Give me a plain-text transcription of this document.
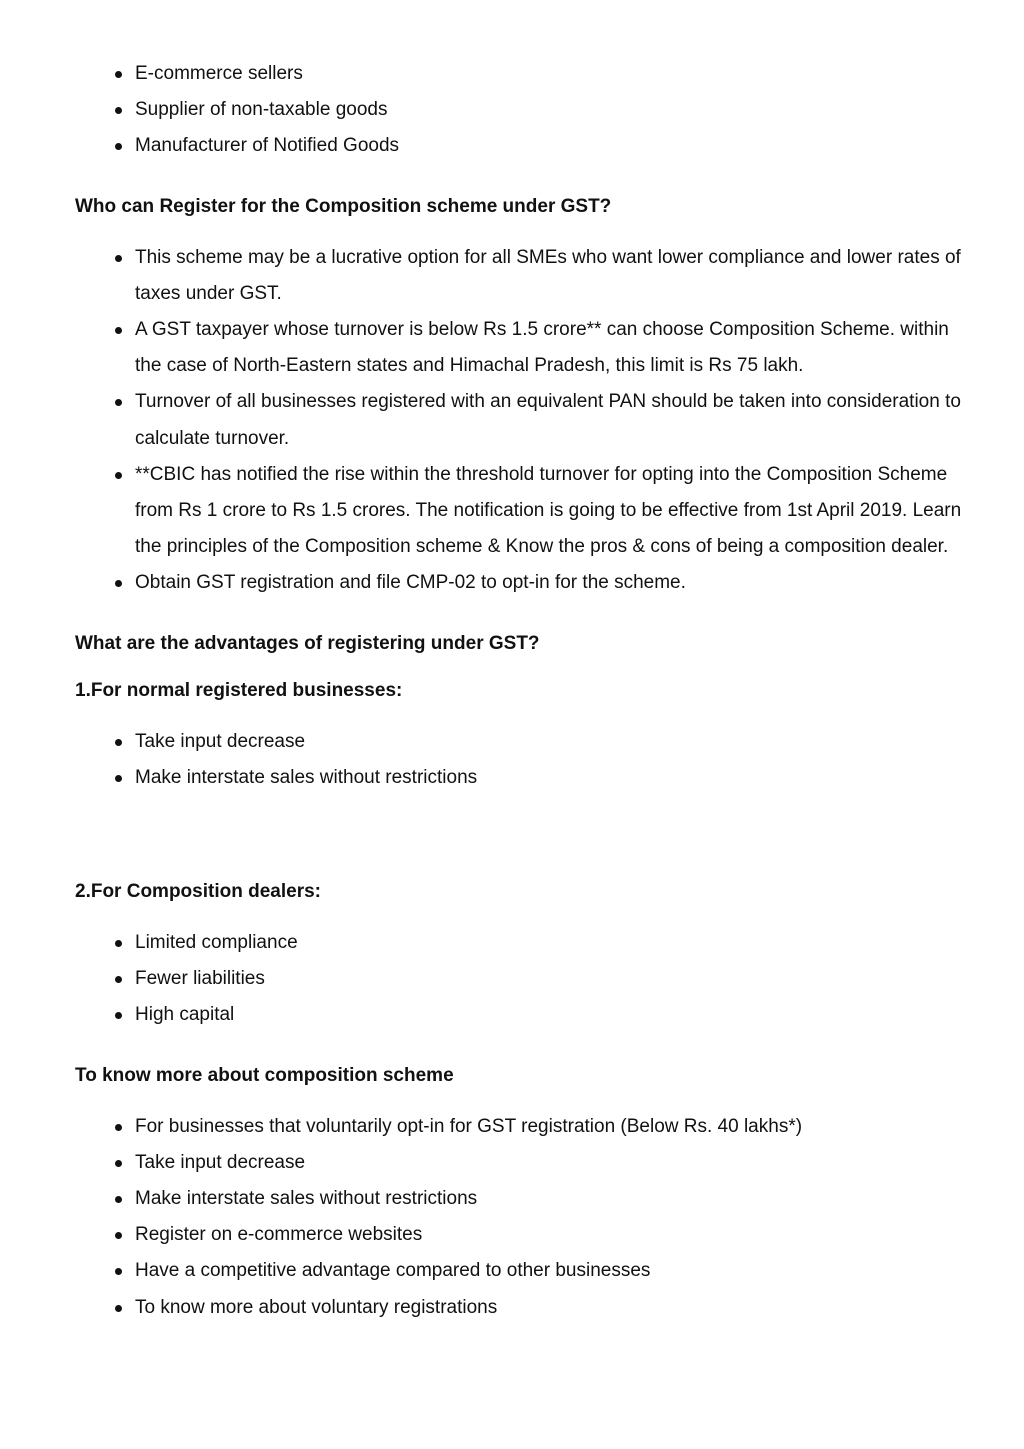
E-commerce sellers
Supplier of non-taxable goods
Manufacturer of Notified Goods
Who can Register for the Composition scheme under GST?
This scheme may be a lucrative option for all SMEs who want lower compliance and lower rates of taxes under GST.
A GST taxpayer whose turnover is below Rs 1.5 crore** can choose Composition Scheme. within the case of North-Eastern states and Himachal Pradesh, this limit is Rs 75 lakh.
Turnover of all businesses registered with an equivalent PAN should be taken into consideration to calculate turnover.
**CBIC has notified the rise within the threshold turnover for opting into the Composition Scheme from Rs 1 crore to Rs 1.5 crores. The notification is going to be effective from 1st April 2019. Learn the principles of the Composition scheme & Know the pros & cons of being a composition dealer.
Obtain GST registration and file CMP-02 to opt-in for the scheme.
What are the advantages of registering under GST?
1.For normal registered businesses:
Take input decrease
Make interstate sales without restrictions
2.For Composition dealers:
Limited compliance
Fewer liabilities
High capital
To know more about composition scheme
For businesses that voluntarily opt-in for GST registration (Below Rs. 40 lakhs*)
Take input decrease
Make interstate sales without restrictions
Register on e-commerce websites
Have a competitive advantage compared to other businesses
To know more about voluntary registrations
